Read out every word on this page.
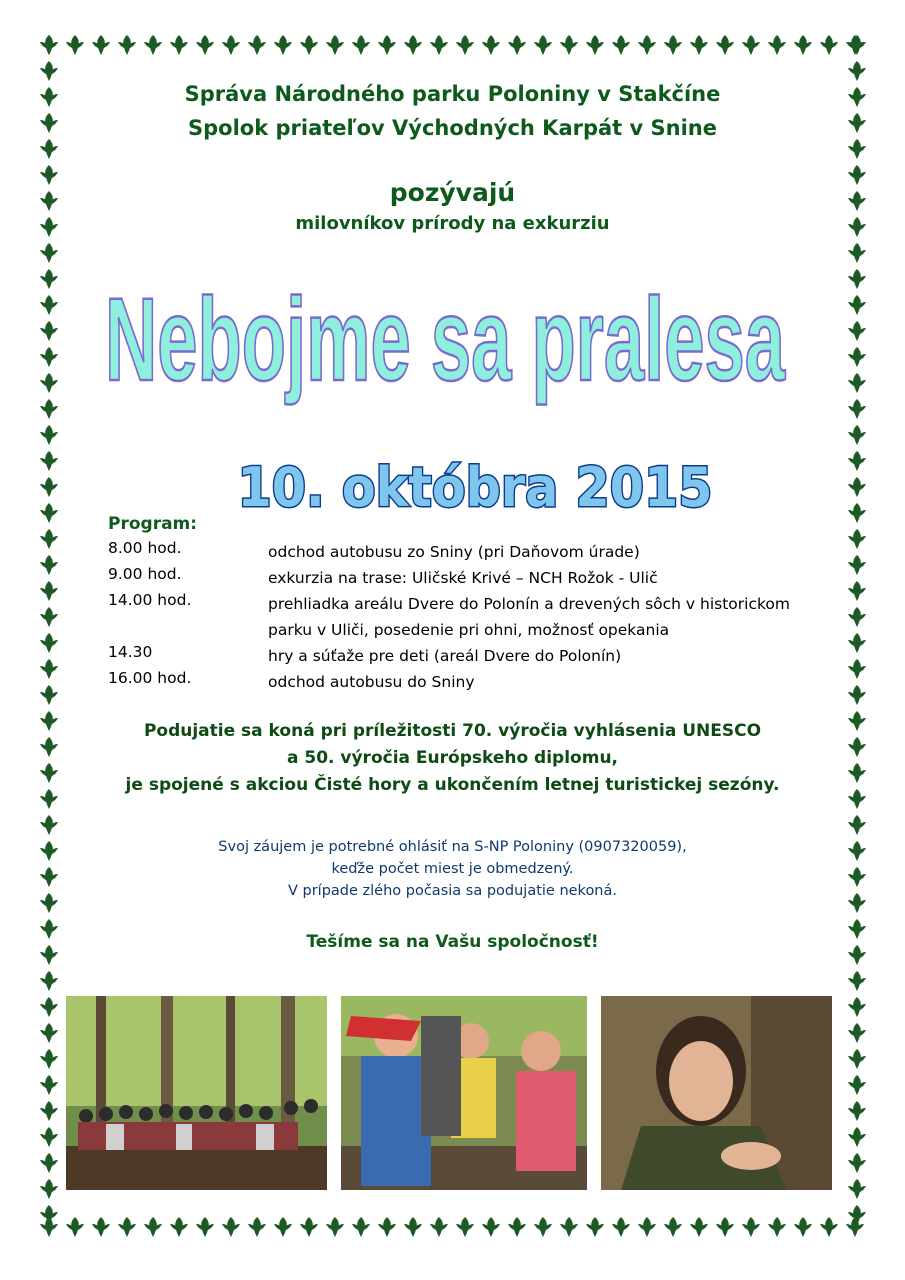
Správa Národného parku Poloniny v Stakčíne
Spolok priateľov Východných Karpát v Snine
pozývajú
milovníkov prírody na exkurziu
Nebojme sa pralesa
10. októbra 2015
Program:
8.00 hod.	odchod autobusu zo Sniny (pri Daňovom úrade)
9.00 hod.	exkurzia na trase: Uličské Krivé – NCH Rožok - Ulič
14.00 hod.	prehliadka areálu Dvere do Polonín a drevených sôch v historickom
parku v Uliči, posedenie pri ohni, možnosť opekania
14.30	hry a súťaže pre deti (areál Dvere do Polonín)
16.00 hod.	odchod autobusu do Sniny
Podujatie sa koná pri príležitosti 70. výročia vyhlásenia UNESCO
a 50. výročia Európskeho diplomu,
je spojené s akciou Čisté hory a ukončením letnej turistickej sezóny.
Svoj záujem je potrebné ohlásiť na S-NP Poloniny (0907320059),
keďže počet miest je obmedzený.
V prípade zlého počasia sa podujatie nekoná.
Tešíme sa na Vašu spoločnosť!
